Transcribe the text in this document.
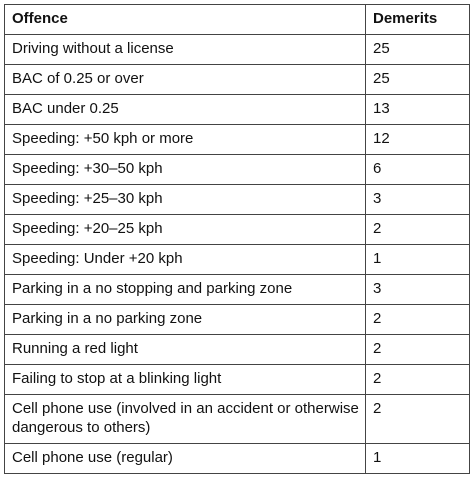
Offence	Demerits
Driving without a license	25
BAC of 0.25 or over	25
BAC under 0.25	13
Speeding: +50 kph or more	12
Speeding: +30–50 kph	6
Speeding: +25–30 kph	3
Speeding: +20–25 kph	2
Speeding: Under +20 kph	1
Parking in a no stopping and parking zone	3
Parking in a no parking zone	2
Running a red light	2
Failing to stop at a blinking light	2
Cell phone use (involved in an accident or otherwise dangerous to others)	2
Cell phone use (regular)	1
